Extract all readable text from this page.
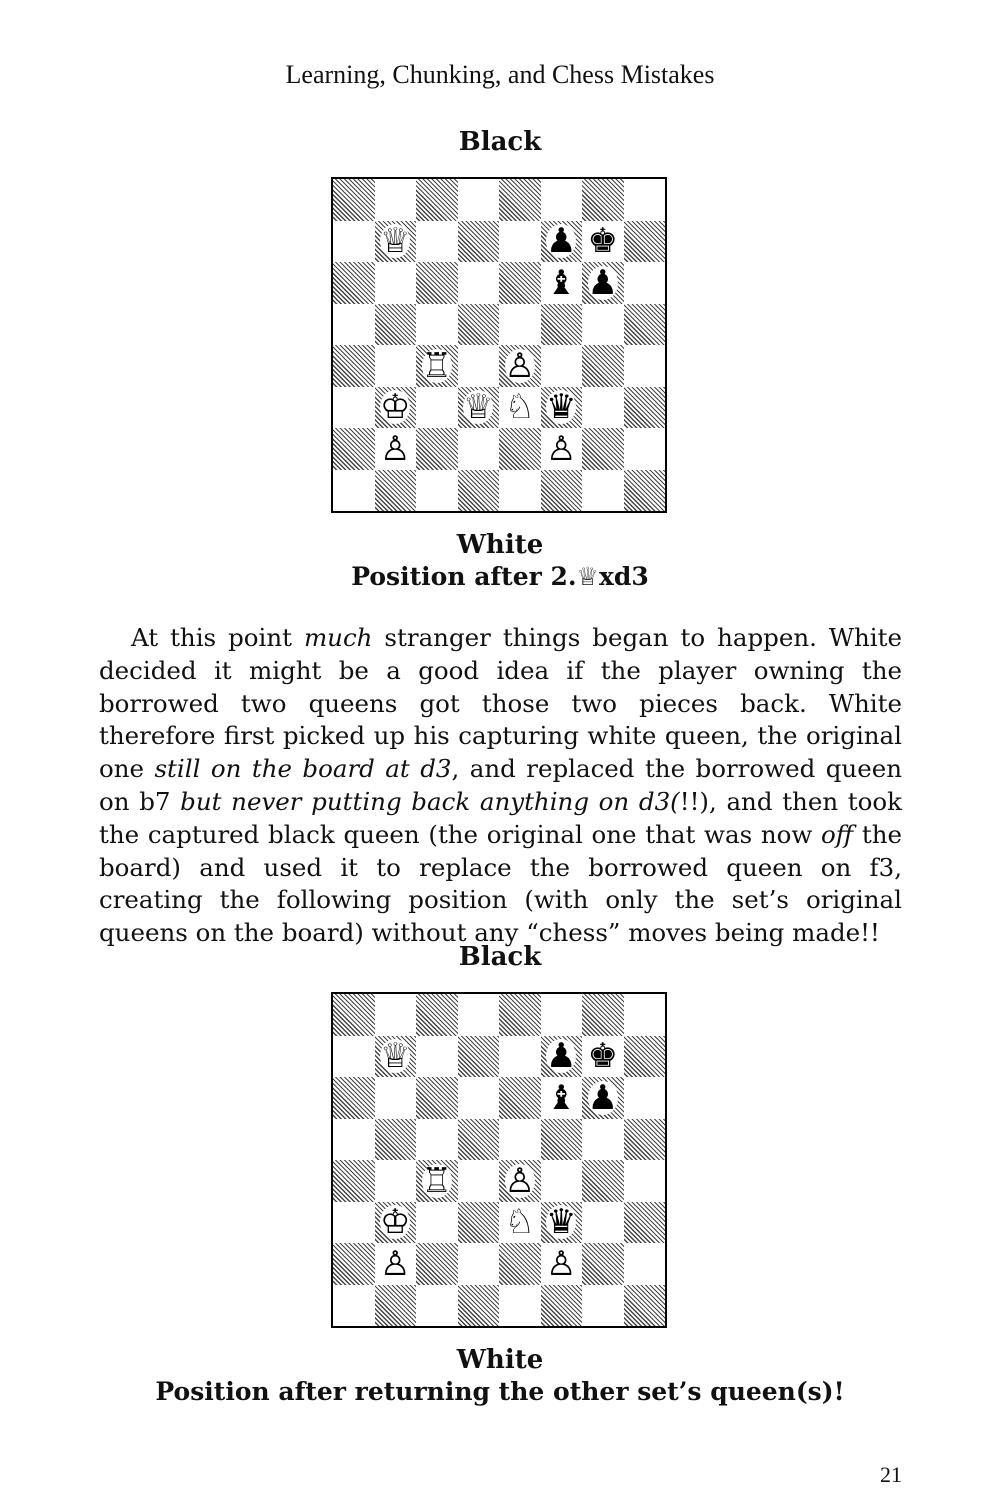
Learning, Chunking, and Chess Mistakes
Black
♕	♟ ♚
♝ ♟
♖ ♙
♔ ♕ ♘ ♛
♙	♙
White
Position after 2.♕xd3

At this point much stranger things began to happen. White decided it might be a good idea if the player owning the borrowed two queens got those two pieces back. White therefore first picked up his capturing white queen, the original one still on the board at d3, and replaced the borrowed queen on b7 but never putting back anything on d3(!!), and then took the captured black queen (the original one that was now off the board) and used it to replace the borrowed queen on f3, creating the following position (with only the set’s original queens on the board) without any “chess” moves being made!!

Black
♕	♟ ♚
♝ ♟
♖ ♙
♔	♘ ♛
♙	♙
White
Position after returning the other set’s queen(s)!
21
